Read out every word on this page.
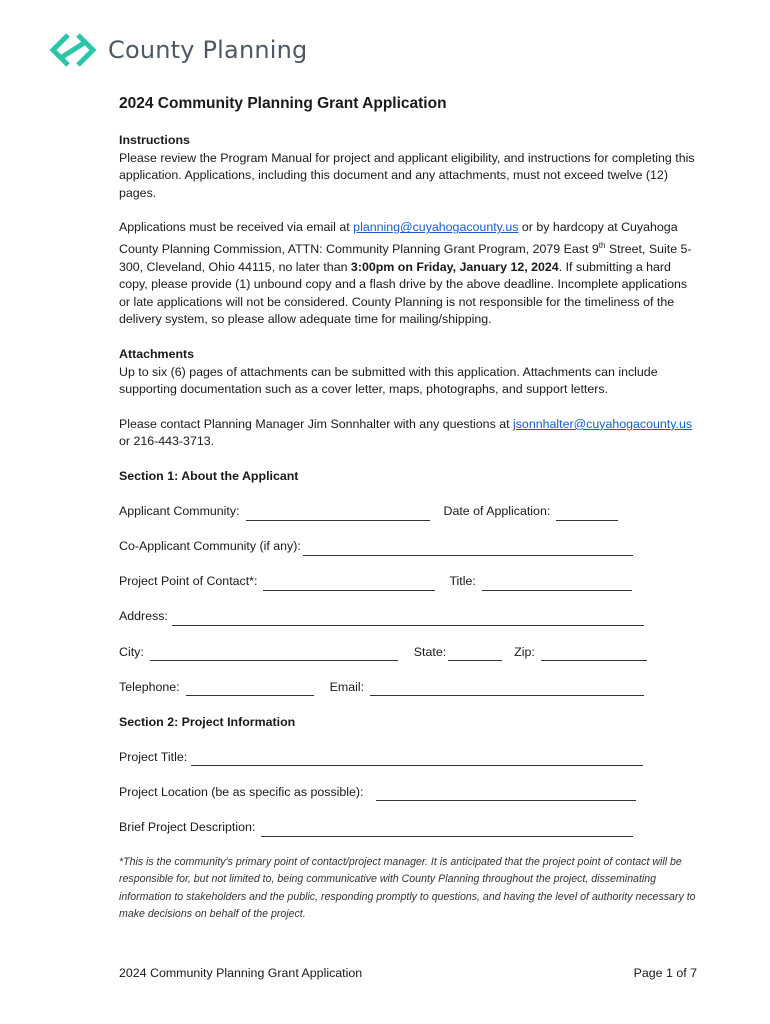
County Planning
2024 Community Planning Grant Application
Instructions

Please review the Program Manual for project and applicant eligibility, and instructions for completing this application. Applications, including this document and any attachments, must not exceed twelve (12) pages.

Applications must be received via email at planning@cuyahogacounty.us or by hardcopy at Cuyahoga County Planning Commission, ATTN: Community Planning Grant Program, 2079 East 9th Street, Suite 5-300, Cleveland, Ohio 44115, no later than 3:00pm on Friday, January 12, 2024. If submitting a hard copy, please provide (1) unbound copy and a flash drive by the above deadline. Incomplete applications or late applications will not be considered. County Planning is not responsible for the timeliness of the delivery system, so please allow adequate time for mailing/shipping.

Attachments

Up to six (6) pages of attachments can be submitted with this application. Attachments can include supporting documentation such as a cover letter, maps, photographs, and support letters.

Please contact Planning Manager Jim Sonnhalter with any questions at jsonnhalter@cuyahogacounty.us or 216-443-3713.

Section 1: About the Applicant
Applicant Community:	Date of Application:
Co-Applicant Community (if any):
Project Point of Contact*:	Title:
Address:
City:	State:	Zip:
Telephone:	Email:
Section 2: Project Information
Project Title:
Project Location (be as specific as possible):
Brief Project Description:

*This is the community's primary point of contact/project manager. It is anticipated that the project point of contact will be responsible for, but not limited to, being communicative with County Planning throughout the project, disseminating information to stakeholders and the public, responding promptly to questions, and having the level of authority necessary to make decisions on behalf of the project.

2024 Community Planning Grant Application	Page 1 of 7
